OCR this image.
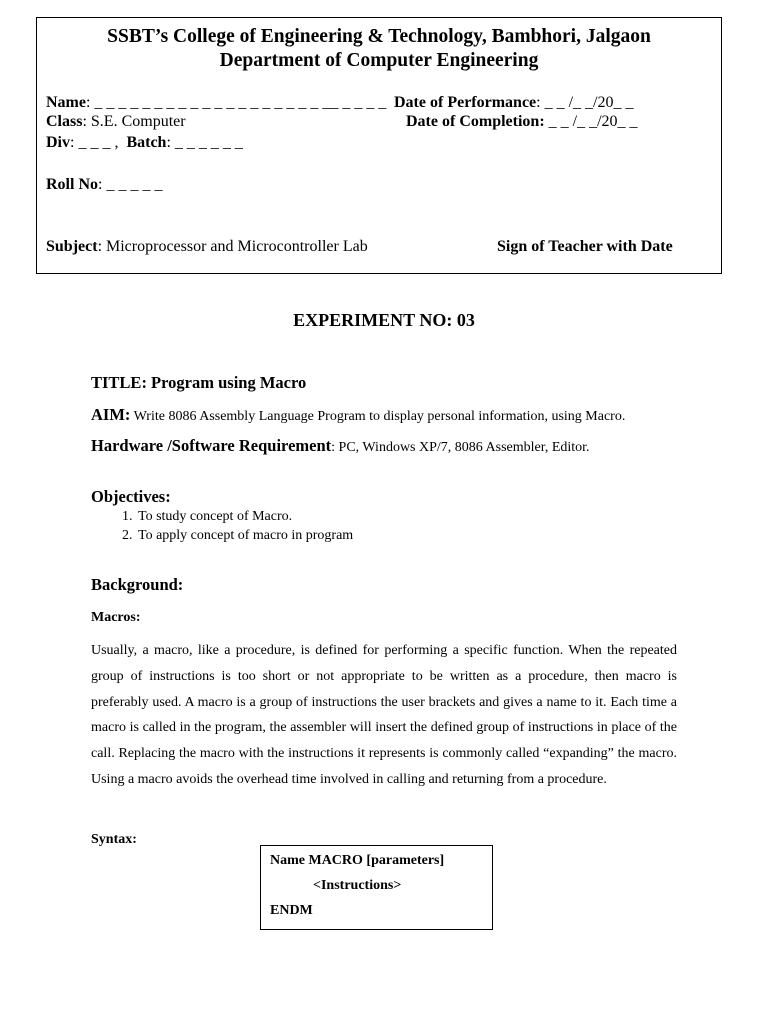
SSBT’s College of Engineering & Technology, Bambhori, Jalgaon
Department of Computer Engineering
Name: _ _ _ _ _ _ _ _ _ _ _ _ _ _ _ _ _ _ _ __ _ _ _ _ Date of Performance: _ _ /_ _/20_ _
Class: S.E. Computer	Date of Completion: _ _ /_ _/20_ _
Div: _ _ _ ,  Batch: _ _ _ _ _ _
Roll No: _ _ _ _ _
Subject: Microprocessor and Microcontroller Lab	Sign of Teacher with Date
EXPERIMENT NO: 03
TITLE: Program using Macro
AIM: Write 8086 Assembly Language Program to display personal information, using Macro.
Hardware /Software Requirement: PC, Windows XP/7, 8086 Assembler, Editor.
Objectives:
1. To study concept of Macro.
2. To apply concept of macro in program
Background:
Macros:
Usually, a macro, like a procedure, is defined for performing a specific function. When the repeated group of instructions is too short or not appropriate to be written as a procedure, then macro is preferably used. A macro is a group of instructions the user brackets and gives a name to it. Each time a macro is called in the program, the assembler will insert the defined group of instructions in place of the call. Replacing the macro with the instructions it represents is commonly called “expanding” the macro. Using a macro avoids the overhead time involved in calling and returning from a procedure.
Syntax:
Name MACRO [parameters]
<Instructions>
ENDM
